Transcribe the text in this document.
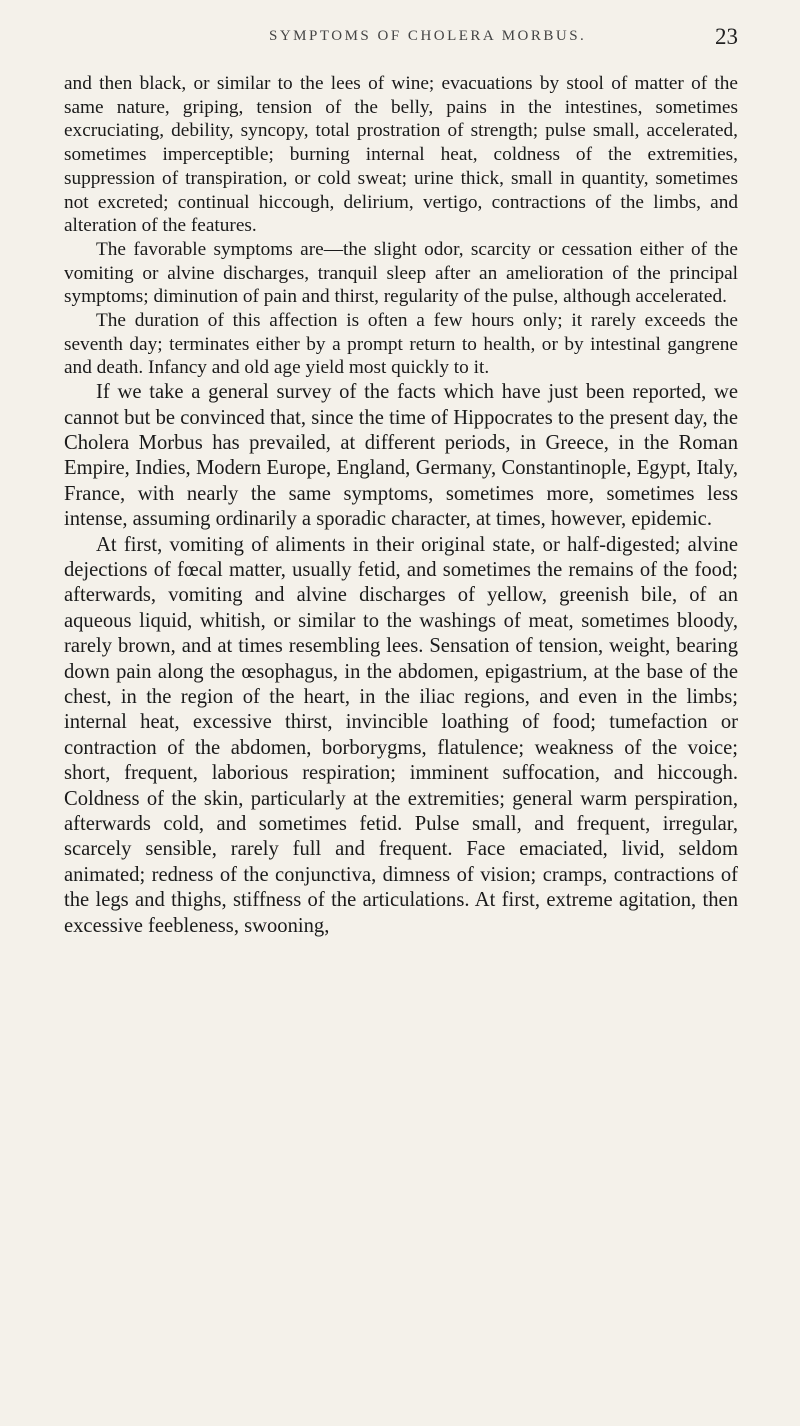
SYMPTOMS OF CHOLERA MORBUS.	23

and then black, or similar to the lees of wine; evacuations by stool of matter of the same nature, griping, tension of the belly, pains in the intestines, sometimes excruciating, debility, syncopy, total prostration of strength; pulse small, accelerated, sometimes imperceptible; burning internal heat, coldness of the extremities, suppression of transpiration, or cold sweat; urine thick, small in quantity, sometimes not excreted; continual hiccough, delirium, vertigo, contractions of the limbs, and alteration of the features.

The favorable symptoms are—the slight odor, scarcity or cessation either of the vomiting or alvine discharges, tranquil sleep after an amelioration of the principal symptoms; diminution of pain and thirst, regularity of the pulse, although accelerated.

The duration of this affection is often a few hours only; it rarely exceeds the seventh day; terminates either by a prompt return to health, or by intestinal gangrene and death. Infancy and old age yield most quickly to it.

If we take a general survey of the facts which have just been reported, we cannot but be convinced that, since the time of Hippocrates to the present day, the Cholera Morbus has prevailed, at different periods, in Greece, in the Roman Empire, Indies, Modern Europe, England, Germany, Constantinople, Egypt, Italy, France, with nearly the same symptoms, sometimes more, sometimes less intense, assuming ordinarily a sporadic character, at times, however, epidemic.

At first, vomiting of aliments in their original state, or half-digested; alvine dejections of fœcal matter, usually fetid, and sometimes the remains of the food; afterwards, vomiting and alvine discharges of yellow, greenish bile, of an aqueous liquid, whitish, or similar to the washings of meat, sometimes bloody, rarely brown, and at times resembling lees. Sensation of tension, weight, bearing down pain along the œsophagus, in the abdomen, epigastrium, at the base of the chest, in the region of the heart, in the iliac regions, and even in the limbs; internal heat, excessive thirst, invincible loathing of food; tumefaction or contraction of the abdomen, borborygms, flatulence; weakness of the voice; short, frequent, laborious respiration; imminent suffocation, and hiccough. Coldness of the skin, particularly at the extremities; general warm perspiration, afterwards cold, and sometimes fetid. Pulse small, and frequent, irregular, scarcely sensible, rarely full and frequent. Face emaciated, livid, seldom animated; redness of the conjunctiva, dimness of vision; cramps, contractions of the legs and thighs, stiffness of the articulations. At first, extreme agitation, then excessive feebleness, swooning,
